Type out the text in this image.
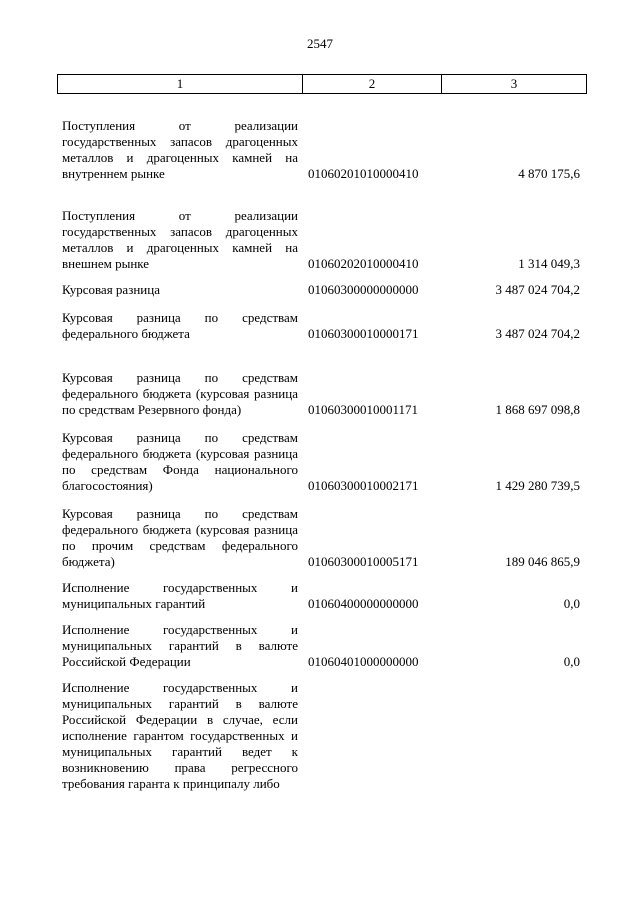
2547
1	2	3
Поступления от реализации государственных запасов драгоценных металлов и драгоценных камней на внутреннем рынке	01060201010000410	4 870 175,6
Поступления от реализации государственных запасов драгоценных металлов и драгоценных камней на внешнем рынке	01060202010000410	1 314 049,3
Курсовая разница	01060300000000000	3 487 024 704,2
Курсовая разница по средствам федерального бюджета	01060300010000171	3 487 024 704,2
Курсовая разница по средствам федерального бюджета (курсовая разница по средствам Резервного фонда)	01060300010001171	1 868 697 098,8
Курсовая разница по средствам федерального бюджета (курсовая разница по средствам Фонда национального благосостояния)	01060300010002171	1 429 280 739,5
Курсовая разница по средствам федерального бюджета (курсовая разница по прочим средствам федерального бюджета)	01060300010005171	189 046 865,9
Исполнение государственных и муниципальных гарантий	01060400000000000	0,0
Исполнение государственных и муниципальных гарантий в валюте Российской Федерации	01060401000000000	0,0
Исполнение государственных и муниципальных гарантий в валюте Российской Федерации в случае, если исполнение гарантом государственных и муниципальных гарантий ведет к возникновению права регрессного требования гаранта к принципалу либо
